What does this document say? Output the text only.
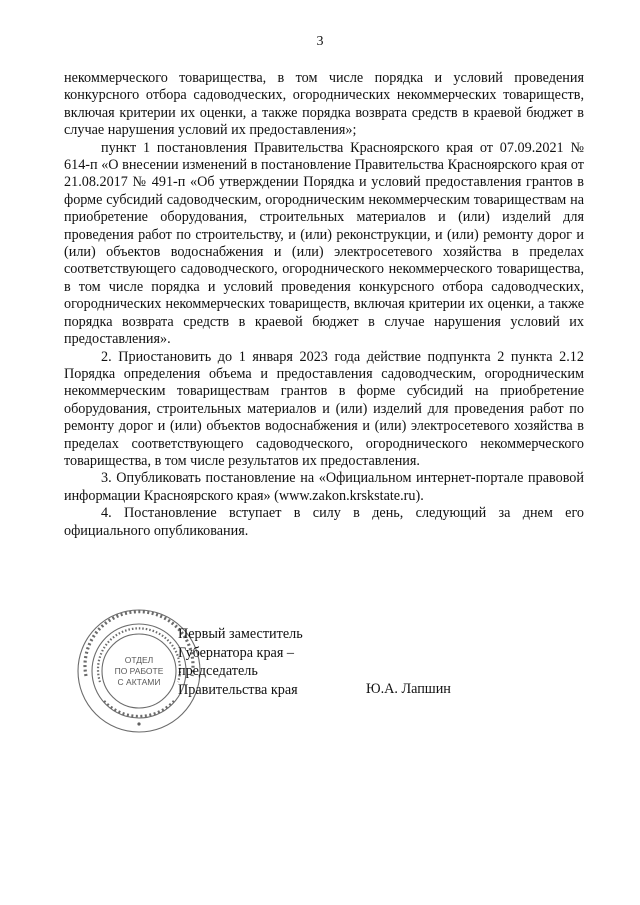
3

некоммерческого товарищества, в том числе порядка и условий проведения конкурсного отбора садоводческих, огороднических некоммерческих товариществ, включая критерии их оценки, а также порядка возврата средств в краевой бюджет в случае нарушения условий их предоставления»;

пункт 1 постановления Правительства Красноярского края от 07.09.2021 № 614-п «О внесении изменений в постановление Правительства Красноярского края от 21.08.2017 № 491-п «Об утверждении Порядка и условий предоставления грантов в форме субсидий садоводческим, огородническим некоммерческим товариществам на приобретение оборудования, строительных материалов и (или) изделий для проведения работ по строительству, и (или) реконструкции, и (или) ремонту дорог и (или) объектов водоснабжения и (или) электросетевого хозяйства в пределах соответствующего садоводческого, огороднического некоммерческого товарищества, в том числе порядка и условий проведения конкурсного отбора садоводческих, огороднических некоммерческих товариществ, включая критерии их оценки, а также порядка возврата средств в краевой бюджет в случае нарушения условий их предоставления».

2. Приостановить до 1 января 2023 года действие подпункта 2 пункта 2.12 Порядка определения объема и предоставления садоводческим, огородническим некоммерческим товариществам грантов в форме субсидий на приобретение оборудования, строительных материалов и (или) изделий для проведения работ по ремонту дорог и (или) объектов водоснабжения и (или) электросетевого хозяйства в пределах соответствующего садоводческого, огороднического некоммерческого товарищества, в том числе результатов их предоставления.

3. Опубликовать постановление на «Официальном интернет-портале правовой информации Красноярского края» (www.zakon.krskstate.ru).

4. Постановление вступает в силу в день, следующий за днем его официального опубликования.

ОТДЕЛ
ПО РАБОТЕ
С АКТАМИ
Первый заместитель
Губернатора края –
председатель
Правительства края	Ю.А. Лапшин
